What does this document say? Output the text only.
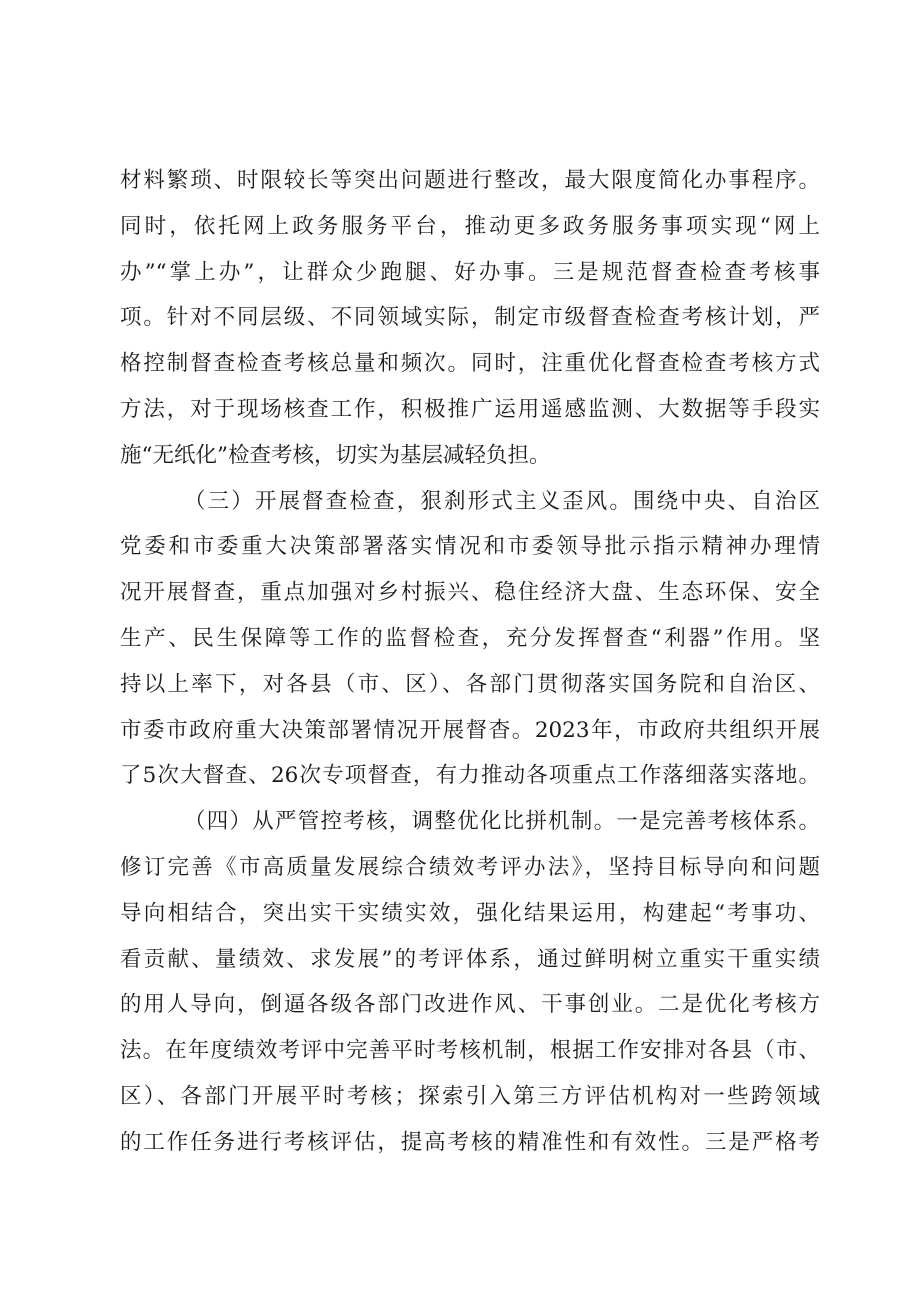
材料繁琐、时限较长等突出问题进行整改，最大限度简化办事程序。
同时，依托网上政务服务平台，推动更多政务服务事项实现“网上
办”“掌上办”，让群众少跑腿、好办事。三是规范督查检查考核事
项。针对不同层级、不同领域实际，制定市级督查检查考核计划，严
格控制督查检查考核总量和频次。同时，注重优化督查检查考核方式
方法，对于现场核查工作，积极推广运用遥感监测、大数据等手段实
施“无纸化”检查考核，切实为基层减轻负担。
（三）开展督查检查，狠刹形式主义歪风。围绕中央、自治区
党委和市委重大决策部署落实情况和市委领导批示指示精神办理情
况开展督查，重点加强对乡村振兴、稳住经济大盘、生态环保、安全
生产、民生保障等工作的监督检查，充分发挥督查“利器”作用。坚
持以上率下，对各县（市、区）、各部门贯彻落实国务院和自治区、
市委市政府重大决策部署情况开展督杳。2023年，市政府共组织开展
了5次大督查、26次专项督查，有力推动各项重点工作落细落实落地。
（四）从严管控考核，调整优化比拼机制。一是完善考核体系。
修订完善《市高质量发展综合绩效考评办法》，坚持目标导向和问题
导向相结合，突出实干实绩实效，强化结果运用，构建起“考事功、
看贡献、量绩效、求发展”的考评体系，通过鲜明树立重实干重实绩
的用人导向，倒逼各级各部门改进作风、干事创业。二是优化考核方
法。在年度绩效考评中完善平时考核机制，根据工作安排对各县（市、
区）、各部门开展平时考核；探索引入第三方评估机构对一些跨领域
的工作任务进行考核评估，提高考核的精准性和有效性。三是严格考
